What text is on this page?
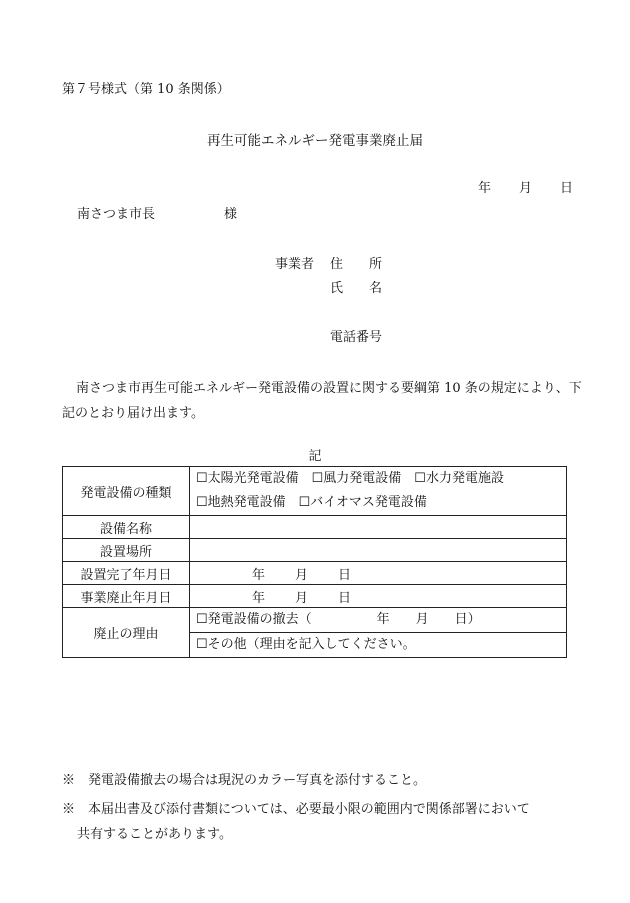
第７号様式（第 10 条関係）
再生可能エネルギー発電事業廃止届
年 月 日
南さつま市長	様
事業者 住　　所
氏　　名
電話番号
南さつま市再生可能エネルギー発電設備の設置に関する要綱第 10 条の規定により、下記のとおり届け出ます。
記
発電設備の種類	☐太陽光発電設備　☐風力発電設備　☐水力発電施設
☐地熱発電設備　☐バイオマス発電設備

設備名称	
設置場所	
設置完了年月日	年 月 日
事業廃止年月日	年 月 日
廃止の理由	☐発電設備の撤去（　　　　　年　　月　　日）
☐その他（理由を記入してください。
※　発電設備撤去の場合は現況のカラー写真を添付すること。
※　本届出書及び添付書類については、必要最小限の範囲内で関係部署において
共有することがあります。
